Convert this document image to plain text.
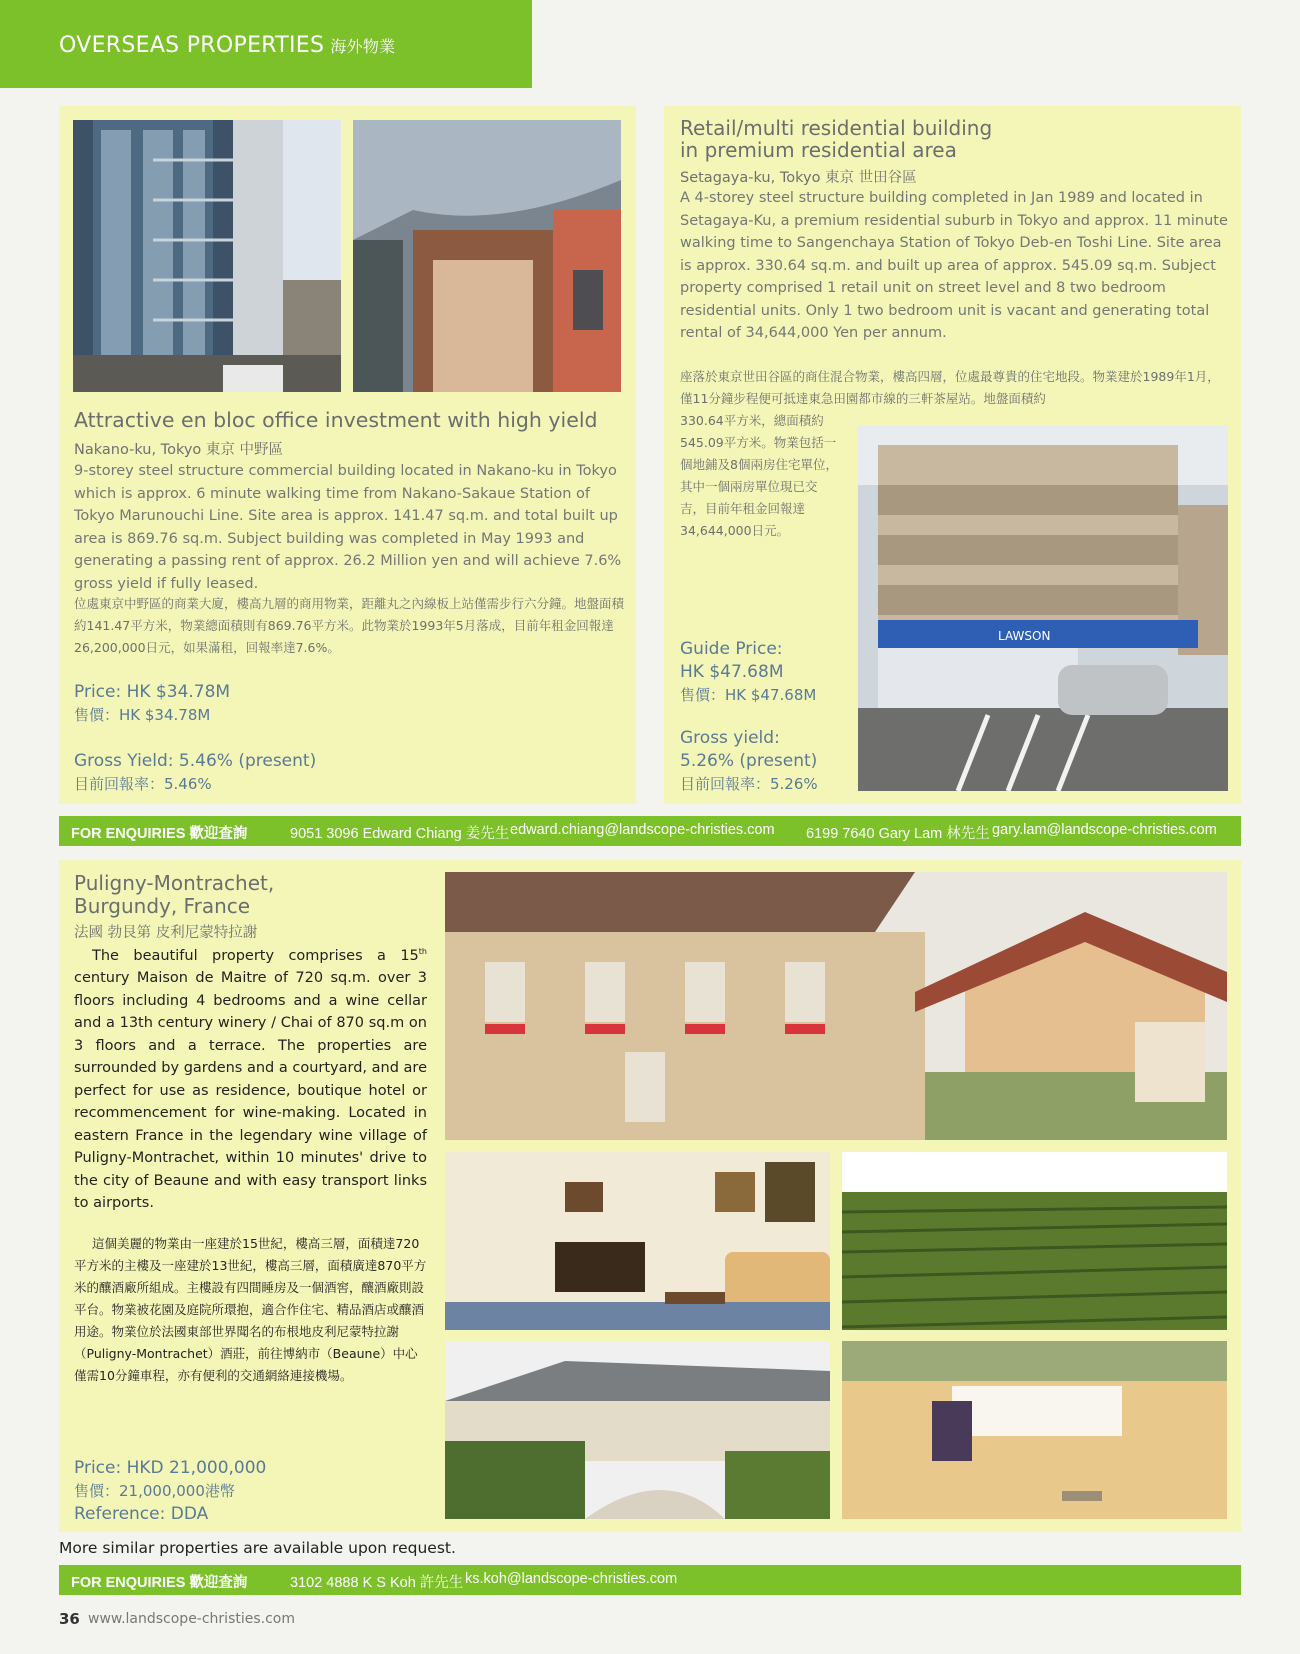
OVERSEAS PROPERTIES 海外物業
Attractive en bloc office investment with high yield
Nakano-ku, Tokyo 東京 中野區
9-storey steel structure commercial building located in Nakano-ku in Tokyo which is approx. 6 minute walking time from Nakano-Sakaue Station of Tokyo Marunouchi Line. Site area is approx. 141.47 sq.m. and total built up area is 869.76 sq.m. Subject building was completed in May 1993 and generating a passing rent of approx. 26.2 Million yen and will achieve 7.6% gross yield if fully leased.
位處東京中野區的商業大廈，樓高九層的商用物業，距離丸之內線板上站僅需步行六分鐘。地盤面積約141.47平方米，物業總面積則有869.76平方米。此物業於1993年5月落成，目前年租金回報達26,200,000日元，如果滿租，回報率達7.6%。
Price: HK $34.78M
售價：HK $34.78M
Gross Yield: 5.46% (present)
目前回報率：5.46%
Retail/multi residential building
in premium residential area
Setagaya-ku, Tokyo 東京 世田谷區
A 4-storey steel structure building completed in Jan 1989 and located in Setagaya-Ku, a premium residential suburb in Tokyo and approx. 11 minute walking time to Sangenchaya Station of Tokyo Deb-en Toshi Line. Site area is approx. 330.64 sq.m. and built up area of approx. 545.09 sq.m. Subject property comprised 1 retail unit on street level and 8 two bedroom residential units. Only 1 two bedroom unit is vacant and generating total rental of 34,644,000 Yen per annum.
座落於東京世田谷區的商住混合物業，樓高四層，位處最尊貴的住宅地段。物業建於1989年1月，僅11分鐘步程便可抵達東急田園都市線的三軒茶屋站。地盤面積約
330.64平方米，總面積約545.09平方米。物業包括一個地鋪及8個兩房住宅單位，其中一個兩房單位現已交吉，目前年租金回報達34,644,000日元。
LAWSON
Guide Price:
HK $47.68M
售價：HK $47.68M
Gross yield:
5.26% (present)
目前回報率：5.26%
FOR ENQUIRIES 歡迎查詢	9051 3096 Edward Chiang 姜先生 edward.chiang@landscope-christies.com 6199 7640 Gary Lam 林先生 gary.lam@landscope-christies.com
Puligny-Montrachet,
Burgundy, France
法國 勃艮第 皮利尼蒙特拉謝
The beautiful property comprises a 15th century Maison de Maitre of 720 sq.m. over 3 floors including 4 bedrooms and a wine cellar and a 13th century winery / Chai of 870 sq.m on 3 floors and a terrace. The properties are surrounded by gardens and a courtyard, and are perfect for use as residence, boutique hotel or recommencement for wine-making. Located in eastern France in the legendary wine village of Puligny-Montrachet, within 10 minutes' drive to the city of Beaune and with easy transport links to airports.
這個美麗的物業由一座建於15世紀，樓高三層，面積達720平方米的主樓及一座建於13世紀，樓高三層，面積廣達870平方米的釀酒廠所組成。主樓設有四間睡房及一個酒窖，釀酒廠則設平台。物業被花園及庭院所環抱，適合作住宅、精品酒店或釀酒用途。物業位於法國東部世界聞名的布根地皮利尼蒙特拉謝（Puligny-Montrachet）酒莊，前往博納市（Beaune）中心僅需10分鐘車程，亦有便利的交通網絡連接機場。
Price: HKD 21,000,000
售價：21,000,000港幣
Reference: DDA
More similar properties are available upon request.
FOR ENQUIRIES 歡迎查詢	3102 4888 K S Koh 許先生 ks.koh@landscope-christies.com
36 www.landscope-christies.com
